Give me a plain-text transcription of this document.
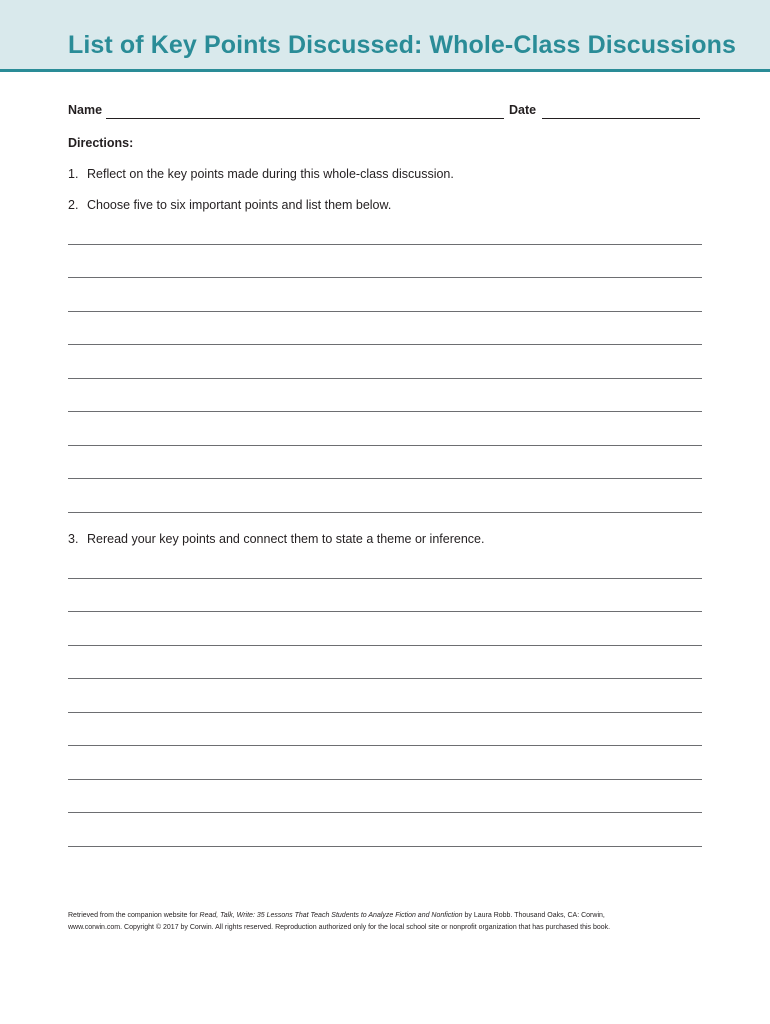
List of Key Points Discussed: Whole-Class Discussions
Name	Date
Directions:
1. Reflect on the key points made during this whole-class discussion.
2. Choose five to six important points and list them below.
3. Reread your key points and connect them to state a theme or inference.

Retrieved from the companion website for Read, Talk, Write: 35 Lessons That Teach Students to Analyze Fiction and Nonfiction by Laura Robb. Thousand Oaks, CA: Corwin,

www.corwin.com. Copyright © 2017 by Corwin. All rights reserved. Reproduction authorized only for the local school site or nonprofit organization that has purchased this book.
